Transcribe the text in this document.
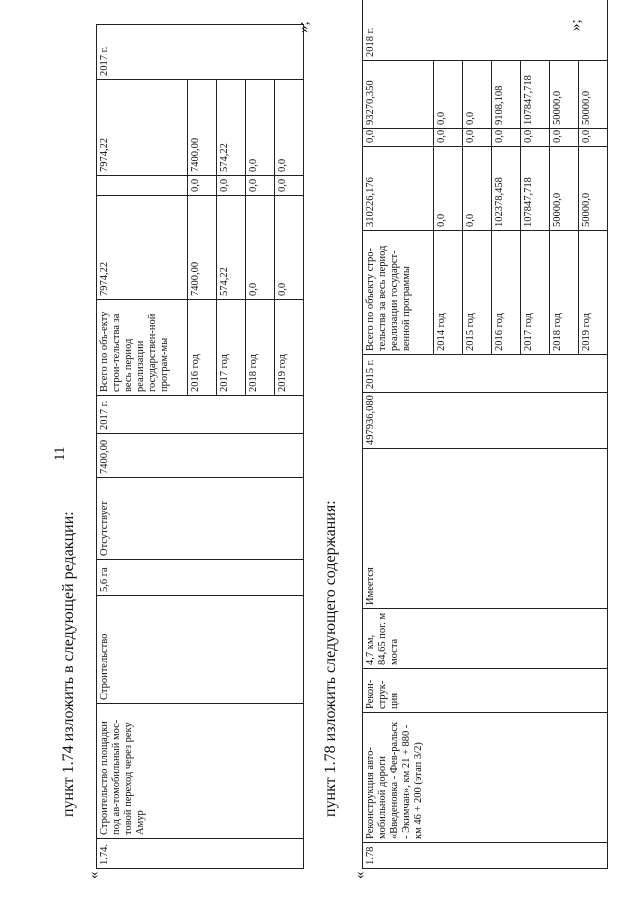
11
пункт 1.74 изложить в следующей редакции:
«
»;
1.74.	Строительство площадки под ав-томобильный мос-товой переход через реку Амур	Строительство	5,6 га	Отсутствует	7400,00	2017 г.	Всего по объ-екту строи-тельства за весь период реализации государствен-ной програм-мы	7974,22		7974,22	2017 г.
							2016 год	7400,00	0,0	7400,00	
							2017 год	574,22	0,0	574,22	
							2018 год	0,0	0,0	0,0	
							2019 год	0,0	0,0	0,0	
пункт 1.78 изложить следующего содержания:
«
»;
1.78	Реконструкция авто-мобильной дороги «Введеновка - Фев-ральск - Экимчан», км 21 + 880 - км 46 + 200 (этап 3/2)	Рекон-струк-ция	4,7 км, 84,65 пог. м моста	Имеется	497936,080	2015 г.	Всего по объекту стро-тельства за весь период реализации государст-венной программы	310226,176	0,0	93270,350	2018 г.
							2014 год	0,0	0,0	0,0	
							2015 год	0,0	0,0	0,0	
							2016 год	102378,458	0,0	9108,108	
							2017 год	107847,718	0,0	107847,718	
							2018 год	50000,0	0,0	50000,0	
							2019 год	50000,0	0,0	50000,0	
